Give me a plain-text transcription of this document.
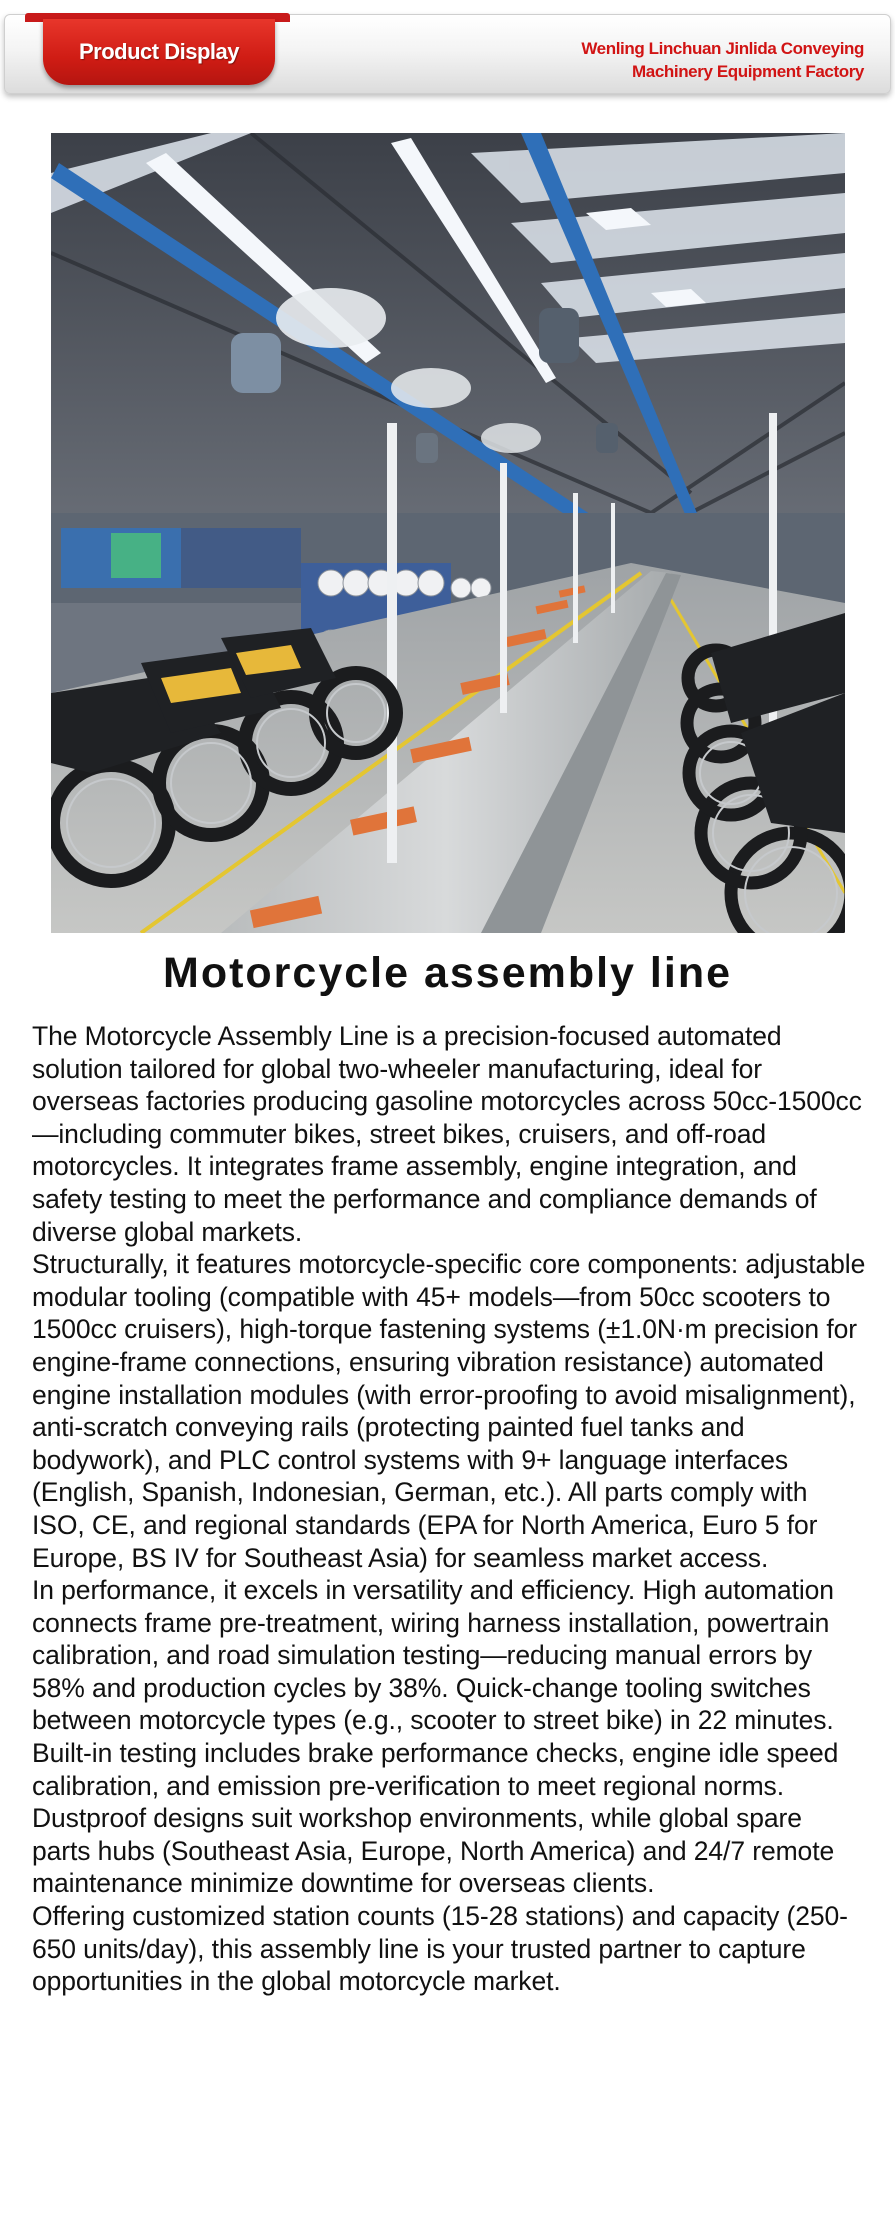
Product Display	Wenling Linchuan Jinlida Conveying
Machinery Equipment Factory
Motorcycle assembly line

The Motorcycle Assembly Line is a precision-focused automated solution tailored for global two-wheeler manufacturing, ideal for overseas factories producing gasoline motorcycles across 50cc-1500cc—including commuter bikes, street bikes, cruisers, and off-road motorcycles. It integrates frame assembly, engine integration, and safety testing to meet the performance and compliance demands of diverse global markets.

Structurally, it features motorcycle-specific core components: adjustable modular tooling (compatible with 45+ models—from 50cc scooters to 1500cc cruisers), high-torque fastening systems (±1.0N·m precision for engine-frame connections, ensuring vibration resistance) automated engine installation modules (with error-proofing to avoid misalignment), anti-scratch conveying rails (protecting painted fuel tanks and bodywork), and PLC control systems with 9+ language interfaces (English, Spanish, Indonesian, German, etc.). All parts comply with ISO, CE, and regional standards (EPA for North America, Euro 5 for Europe, BS IV for Southeast Asia) for seamless market access.

In performance, it excels in versatility and efficiency. High automation connects frame pre-treatment, wiring harness installation, powertrain calibration, and road simulation testing—reducing manual errors by 58% and production cycles by 38%. Quick-change tooling switches between motorcycle types (e.g., scooter to street bike) in 22 minutes. Built-in testing includes brake performance checks, engine idle speed calibration, and emission pre-verification to meet regional norms. Dustproof designs suit workshop environments, while global spare parts hubs (Southeast Asia, Europe, North America) and 24/7 remote maintenance minimize downtime for overseas clients.

Offering customized station counts (15-28 stations) and capacity (250-650 units/day), this assembly line is your trusted partner to capture opportunities in the global motorcycle market.
